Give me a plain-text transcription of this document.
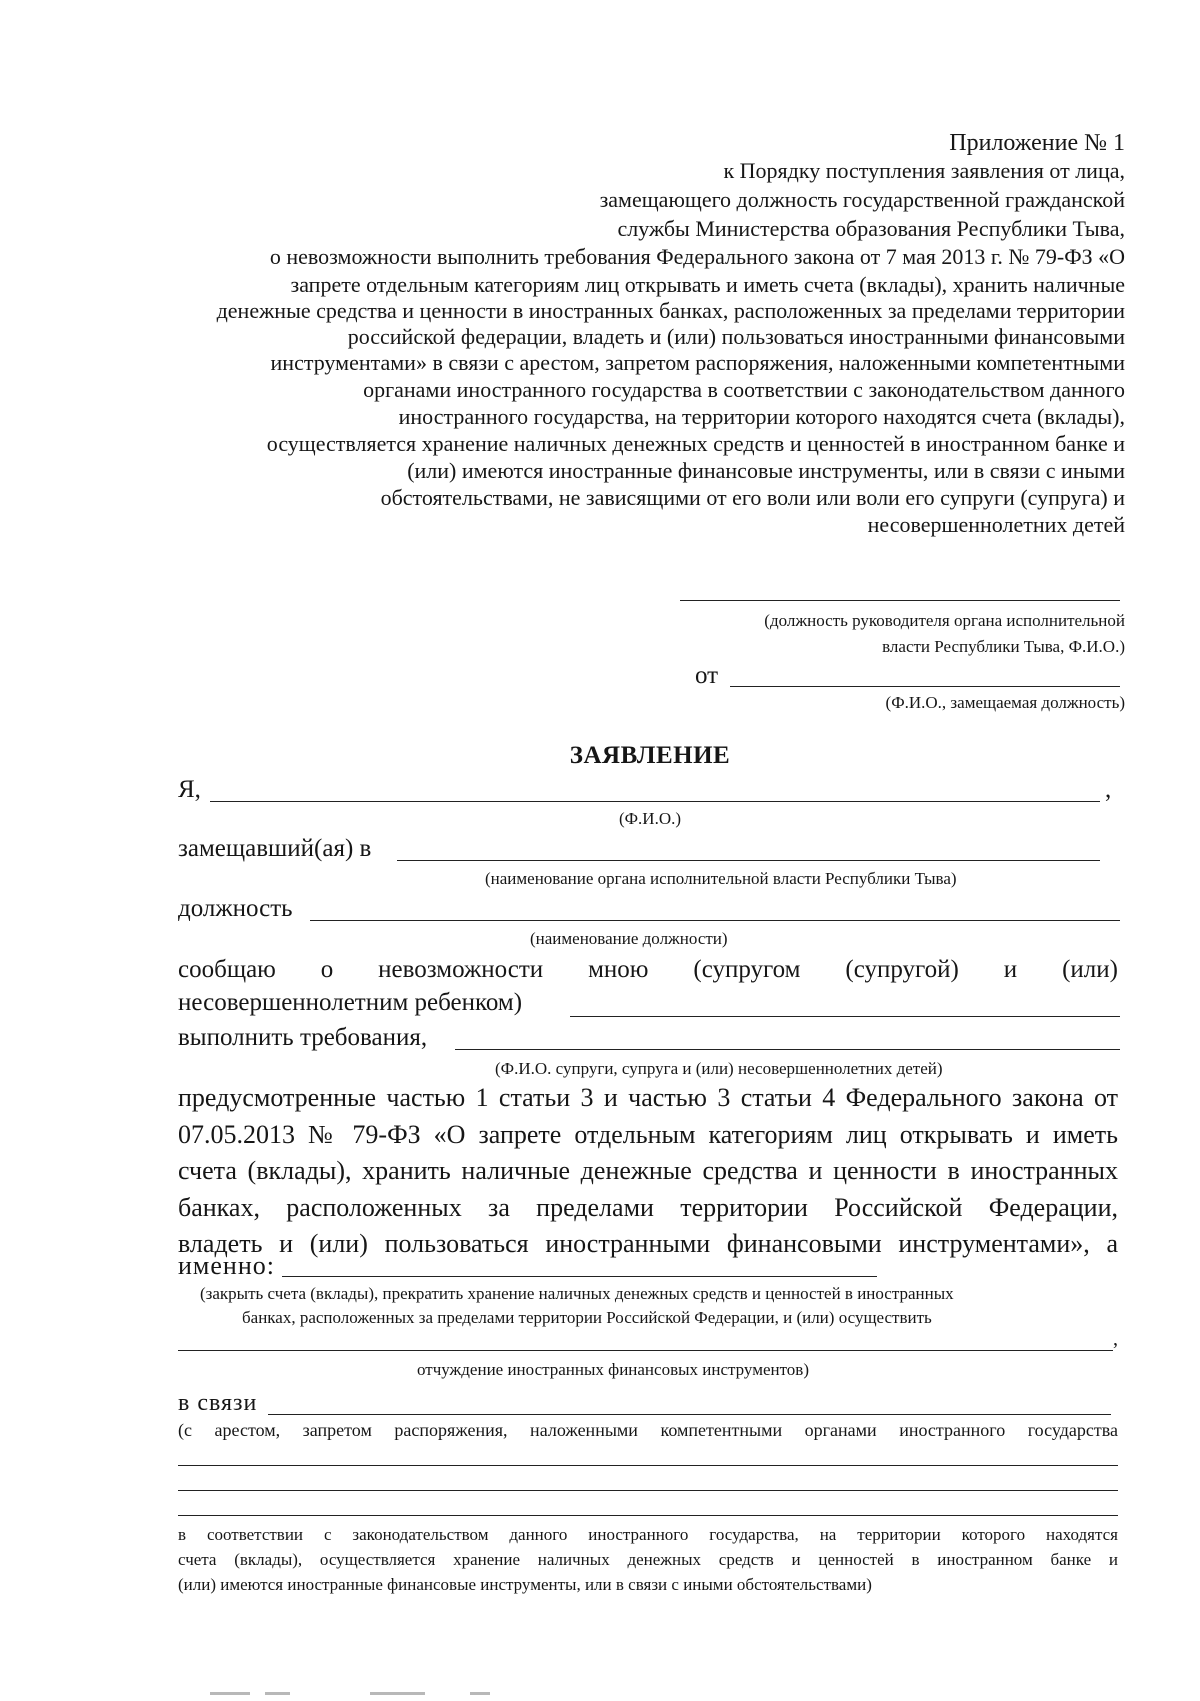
Приложение № 1
к Порядку поступления заявления от лица,
замещающего должность государственной гражданской
службы Министерства образования Республики Тыва,
о невозможности выполнить требования Федерального закона от 7 мая 2013 г. № 79-ФЗ «О
запрете отдельным категориям лиц открывать и иметь счета (вклады), хранить наличные
денежные средства и ценности в иностранных банках, расположенных за пределами территории
российской федерации, владеть и (или) пользоваться иностранными финансовыми
инструментами» в связи с арестом, запретом распоряжения, наложенными компетентными
органами иностранного государства в соответствии с законодательством данного
иностранного государства, на территории которого находятся счета (вклады),
осуществляется хранение наличных денежных средств и ценностей в иностранном банке и
(или) имеются иностранные финансовые инструменты, или в связи с иными
обстоятельствами, не зависящими от его воли или воли его супруги (супруга) и
несовершеннолетних детей
(должность руководителя органа исполнительной
власти Республики Тыва, Ф.И.О.)
от
(Ф.И.О., замещаемая должность)
ЗАЯВЛЕНИЕ
Я,	,
(Ф.И.О.)
замещавший(ая) в
(наименование органа исполнительной власти Республики Тыва)
должность
(наименование должности)
сообщаю о невозможности мною (супругом (супругой) и (или)
несовершеннолетним ребенком)
выполнить требования,
(Ф.И.О. супруги, супруга и (или) несовершеннолетних детей)
предусмотренные частью 1 статьи 3 и частью 3 статьи 4 Федерального закона от
07.05.2013 № 79-ФЗ «О запрете отдельным категориям лиц открывать и иметь
счета (вклады), хранить наличные денежные средства и ценности в иностранных
банках, расположенных за пределами территории Российской Федерации,
владеть и (или) пользоваться иностранными финансовыми инструментами», а
именно:
(закрыть счета (вклады), прекратить хранение наличных денежных средств и ценностей в иностранных
банках, расположенных за пределами территории Российской Федерации, и (или) осуществить
,
отчуждение иностранных финансовых инструментов)
в связи
(с арестом, запретом распоряжения, наложенными компетентными органами иностранного государства
в соответствии с законодательством данного иностранного государства, на территории которого находятся
счета (вклады), осуществляется хранение наличных денежных средств и ценностей в иностранном банке и
(или) имеются иностранные финансовые инструменты, или в связи с иными обстоятельствами)
